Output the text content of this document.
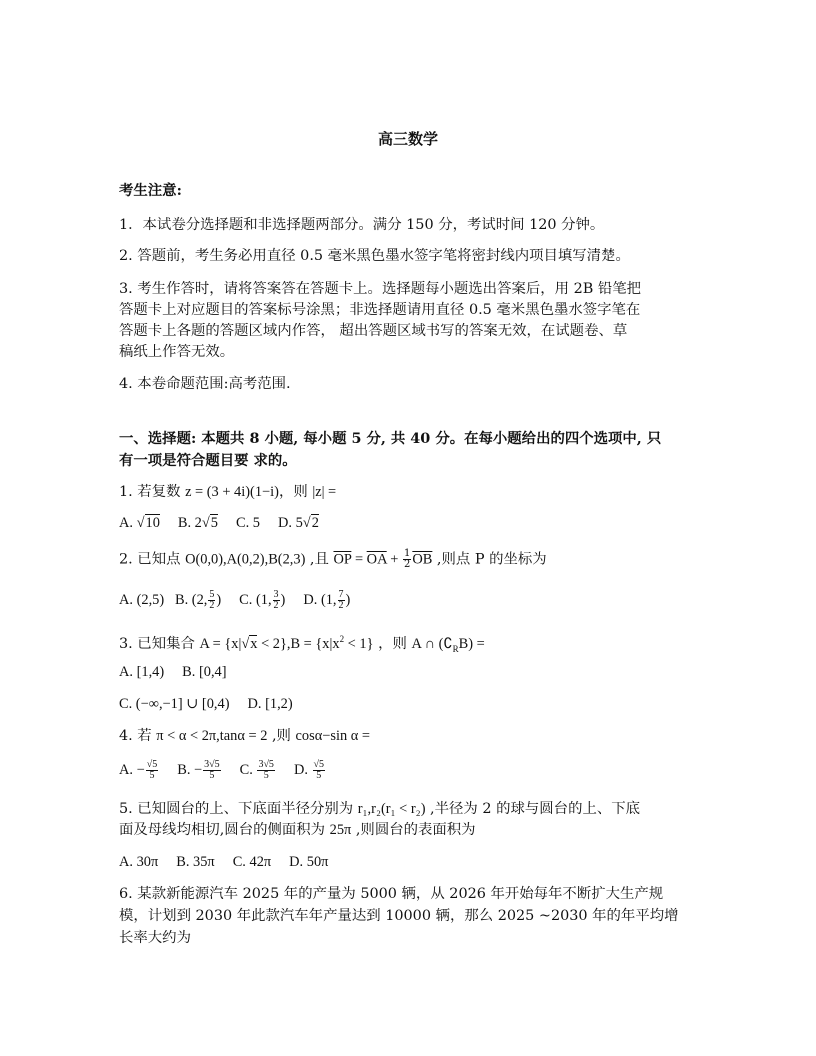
高三数学
考生注意:
1．本试卷分选择题和非选择题两部分。满分 150 分，考试时间 120 分钟。
2. 答题前，考生务必用直径 0.5 毫米黑色墨水签字笔将密封线内项目填写清楚。
3. 考生作答时，请将答案答在答题卡上。选择题每小题选出答案后，用 2B 铅笔把
答题卡上对应题目的答案标号涂黑；非选择题请用直径 0.5 毫米黑色墨水签字笔在
答题卡上各题的答题区域内作答， 超出答题区域书写的答案无效，在试题卷、草
稿纸上作答无效。
4. 本卷命题范围:高考范围.
一、选择题: 本题共 8 小题, 每小题 5 分, 共 40 分。在每小题给出的四个选项中, 只
有一项是符合题目要 求的。
1. 若复数 z = (3 + 4i)(1−i)，则 |z| =
A. √10 B. 2√5 C. 5 D. 5√2
2. 已知点 O(0,0),A(0,2),B(2,3) ,且 $\overline{OP} = \overline{OA} + \frac{1}{2} \overline{OB}$ ,则点 P 的坐标为
A. (2,5) B. (2, $\frac{5}{2}$ ) C. (1, $\frac{3}{2}$ ) D. (1, $\frac{7}{2}$ )
3. 已知集合 $A = \{x|√x < 2\},B = \{x|x^2 < 1\}$ ，则 A ∩ $(∁_RB)$ =
A. [1,4) B. [0,4]
C. (−∞,−1] ∪ [0,4) D. [1,2)
4. 若 π < α < 2π,tanα = 2 ,则 cosα−sin α =
A. − $\frac{√5}{5} B$. − $\frac{3√5}{5} C$. $\frac{3√5}{5} D$. $\frac{√5}{5}$
5. 已知圆台的上、下底面半径分别为 r₁,r₂(r₁ < r₂) ,半径为 2 的球与圆台的上、下底
面及母线均相切,圆台的侧面积为 25π ,则圆台的表面积为
A. 30π B. 35π C. 42π D. 50π
6. 某款新能源汽车 2025 年的产量为 5000 辆，从 2026 年开始每年不断扩大生产规
模，计划到 2030 年此款汽车年产量达到 10000 辆，那么 2025 ~2030 年的年平均增
长率大约为
